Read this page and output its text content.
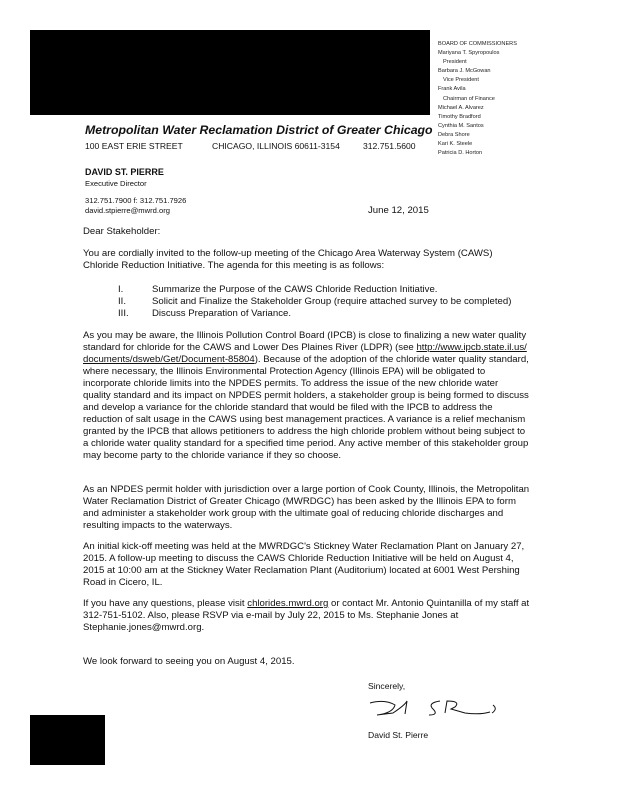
BOARD OF COMMISSIONERS
Mariyana T. Spyropoulos
President
Barbara J. McGowan
Vice President
Frank Avila
Chairman of Finance
Michael A. Alvarez
Timothy Bradford
Cynthia M. Santos
Debra Shore
Kari K. Steele
Patricia D. Horton
Metropolitan Water Reclamation District of Greater Chicago
100 EAST ERIE STREET	CHICAGO, ILLINOIS 60611-3154	312.751.5600
DAVID ST. PIERRE
Executive Director
312.751.7900 f: 312.751.7926
david.stpierre@mwrd.org	June 12, 2015
Dear Stakeholder:
You are cordially invited to the follow-up meeting of the Chicago Area Waterway System (CAWS)
Chloride Reduction Initiative. The agenda for this meeting is as follows:
I.	Summarize the Purpose of the CAWS Chloride Reduction Initiative.
II.	Solicit and Finalize the Stakeholder Group (require attached survey to be completed)
III. Discuss Preparation of Variance.
As you may be aware, the Illinois Pollution Control Board (IPCB) is close to finalizing a new water quality
standard for chloride for the CAWS and Lower Des Plaines River (LDPR) (see http://www.ipcb.state.il.us/
documents/dsweb/Get/Document-85804). Because of the adoption of the chloride water quality standard,
where necessary, the Illinois Environmental Protection Agency (Illinois EPA) will be obligated to
incorporate chloride limits into the NPDES permits. To address the issue of the new chloride water
quality standard and its impact on NPDES permit holders, a stakeholder group is being formed to discuss
and develop a variance for the chloride standard that would be filed with the IPCB to address the
reduction of salt usage in the CAWS using best management practices. A variance is a relief mechanism
granted by the IPCB that allows petitioners to address the high chloride problem without being subject to
a chloride water quality standard for a specified time period. Any active member of this stakeholder group
may become party to the chloride variance if they so choose.
As an NPDES permit holder with jurisdiction over a large portion of Cook County, Illinois, the Metropolitan
Water Reclamation District of Greater Chicago (MWRDGC) has been asked by the Illinois EPA to form
and administer a stakeholder work group with the ultimate goal of reducing chloride discharges and
resulting impacts to the waterways.
An initial kick-off meeting was held at the MWRDGC's Stickney Water Reclamation Plant on January 27,
2015. A follow-up meeting to discuss the CAWS Chloride Reduction Initiative will be held on August 4,
2015 at 10:00 am at the Stickney Water Reclamation Plant (Auditorium) located at 6001 West Pershing
Road in Cicero, IL.
If you have any questions, please visit chlorides.mwrd.org or contact Mr. Antonio Quintanilla of my staff at
312-751-5102. Also, please RSVP via e-mail by July 22, 2015 to Ms. Stephanie Jones at
Stephanie.jones@mwrd.org.
We look forward to seeing you on August 4, 2015.
Sincerely,
David St. Pierre
